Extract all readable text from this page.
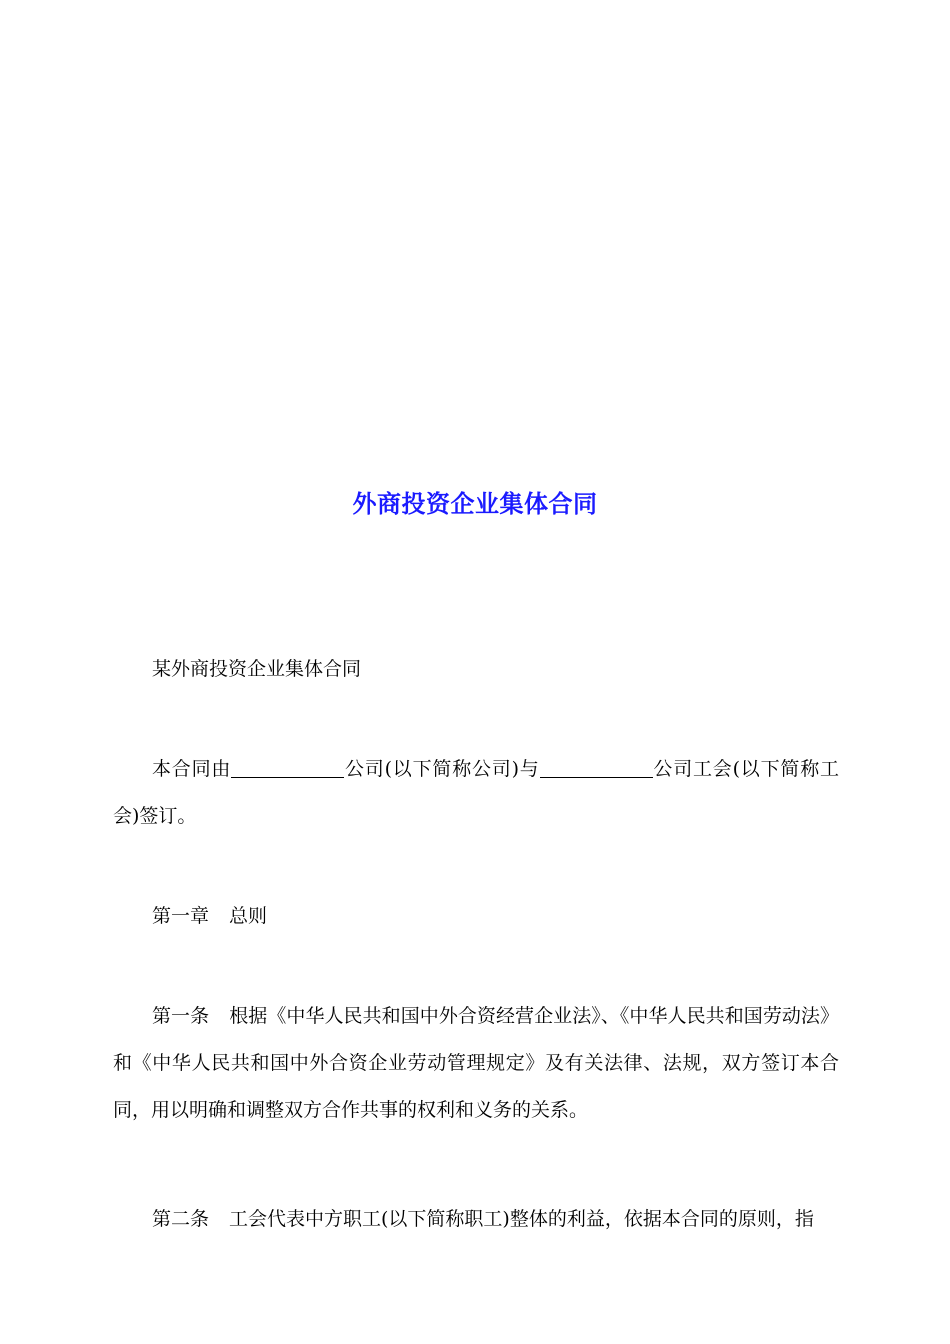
外商投资企业集体合同

某外商投资企业集体合同

本合同由	公司(以下简称公司)与	公司工会(以下简称工会)签订。

第一章 总则

第一条 根据《中华人民共和国中外合资经营企业法》、《中华人民共和国劳动法》和《中华人民共和国中外合资企业劳动管理规定》及有关法律、法规，双方签订本合同，用以明确和调整双方合作共事的权利和义务的关系。

第二条 工会代表中方职工(以下简称职工)整体的利益，依据本合同的原则，指
